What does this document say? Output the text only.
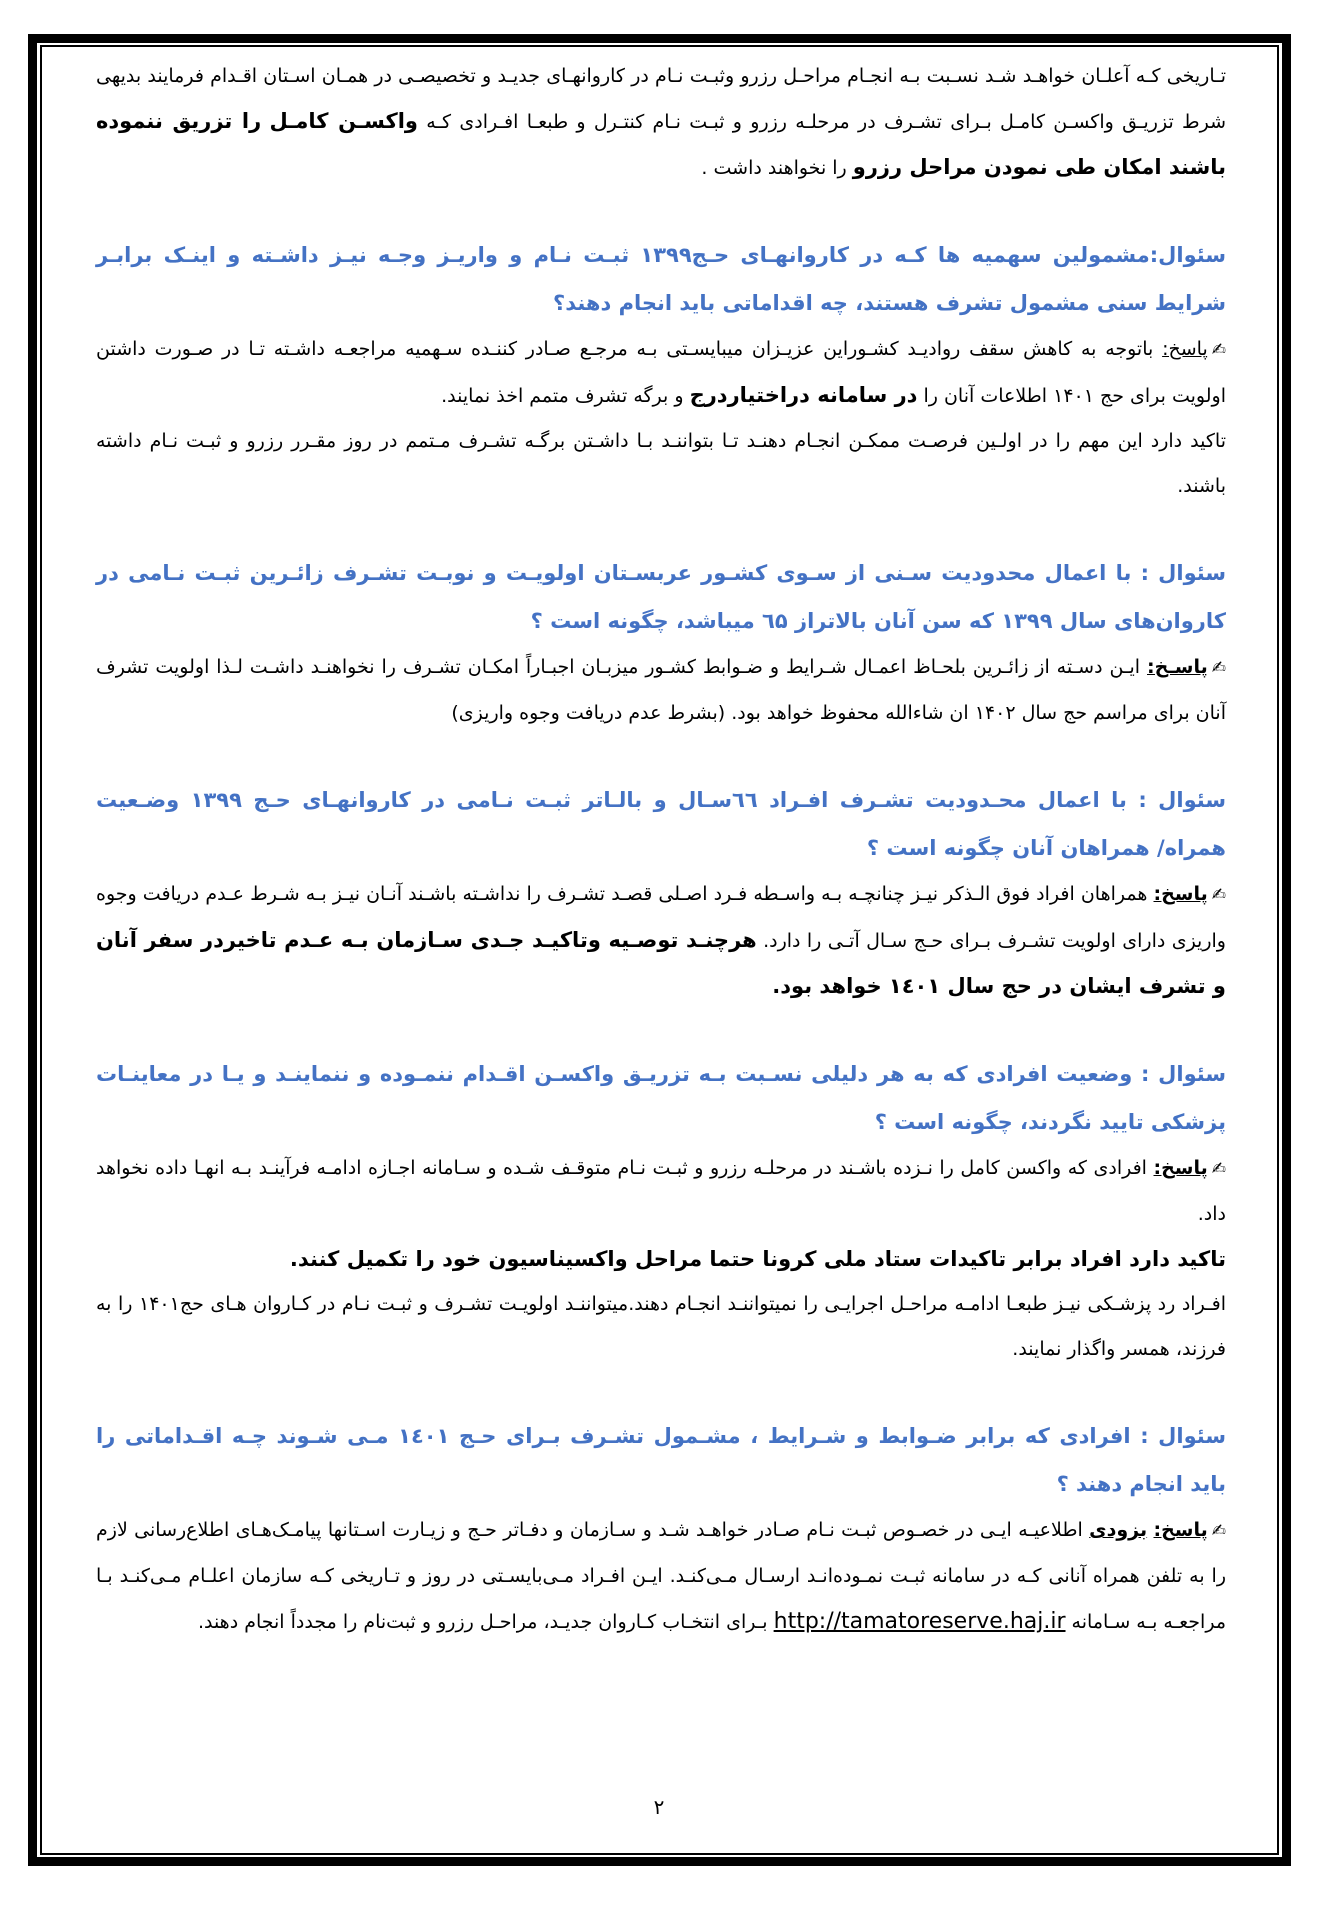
تـاریخی کـه آعلـان خواهـد شـد نسـبت بـه انجـام مراحـل رزرو وثبـت نـام در کاروانهـای جدیـد و تخصیصـی در همـان اسـتان اقـدام فرمایند بدیهی شرط تزریـق واکسـن کامـل بـرای تشـرف در مرحلـه رزرو و ثبـت نـام کنتـرل و طبعـا افـرادی کـه واکسـن کامـل را تزریق ننموده باشند امکان طی نمودن مراحل رزرو را نخواهند داشت .

سئوال:مشمولین سهمیه ها کـه در کاروانهـای حـج۱۳۹۹ ثبـت نـام و واریـز وجـه نیـز داشـته و اینـک برابـر شرایط سنی مشمول تشرف هستند، چه اقداماتی باید انجام دهند؟

✍پاسخ: باتوجه به کاهش سقف روادیـد کشـوراین عزیـزان میبایسـتی بـه مرجـع صـادر کننـده سـهمیه مراجعـه داشـته تـا در صـورت داشتن اولویت برای حج ۱۴۰۱ اطلاعات آنان را در سامانه دراختیاردرج و برگه تشرف متمم اخذ نمایند.

تاکید دارد این مهم را در اولـین فرصـت ممکـن انجـام دهنـد تـا بتواننـد بـا داشـتن برگـه تشـرف مـتمم در روز مقـرر رزرو و ثبـت نـام داشته باشند.

سئوال : با اعمال محدودیت سـنی از سـوی کشـور عربسـتان اولویـت و نوبـت تشـرف زائـرین ثبـت نـامی در کاروان‌های سال ۱۳۹۹ که سن آنان بالاتراز ٦۵ میباشد، چگونه است ؟

✍پاسـخ: ایـن دسـته از زائـرین بلحـاظ اعمـال شـرایط و ضـوابط کشـور میزبـان اجبـاراً امکـان تشـرف را نخواهنـد داشـت لـذا اولویت تشرف آنان برای مراسم حج سال ۱۴۰۲ ان شاءالله محفوظ خواهد بود. (بشرط عدم دریافت وجوه واریزی)

سئوال : با اعمال محـدودیت تشـرف افـراد ٦٦سـال و بالـاتر ثبـت نـامی در کاروانهـای حـج ۱۳۹۹ وضـعیت همراه/ همراهان آنان چگونه است ؟

✍پاسخ: همراهان افراد فوق الـذکر نیـز چنانچـه بـه واسـطه فـرد اصـلی قصـد تشـرف را نداشـته باشـند آنـان نیـز بـه شـرط عـدم دریافت وجوه واریزی دارای اولویت تشـرف بـرای حـج سـال آتـی را دارد. هرچنـد توصـیه وتاکیـد جـدی سـازمان بـه عـدم تاخیردر سفر آنان و تشرف ایشان در حج سال ۱٤۰۱ خواهد بود.

سئوال : وضعیت افرادی که به هر دلیلی نسـبت بـه تزریـق واکسـن اقـدام ننمـوده و ننماینـد و یـا در معاینـات پزشکی تایید نگردند، چگونه است ؟

✍پاسخ: افرادی که واکسن کامل را نـزده باشـند در مرحلـه رزرو و ثبـت نـام متوقـف شـده و سـامانه اجـازه ادامـه فرآینـد بـه انهـا داده نخواهد داد.

تاکید دارد افراد برابر تاکیدات ستاد ملی کرونا حتما مراحل واکسیناسیون خود را تکمیل کنند.

افـراد رد پزشـکی نیـز طبعـا ادامـه مراحـل اجرایـی را نمیتواننـد انجـام دهند.میتواننـد اولویـت تشـرف و ثبـت نـام در کـاروان هـای حج۱۴۰۱ را به فرزند، همسر واگذار نمایند.

سئوال : افرادی که برابر ضـوابط و شـرایط ، مشـمول تشـرف بـرای حـج ۱٤۰۱ مـی شـوند چـه اقـداماتی را باید انجام دهند ؟

✍پاسخ: بزودی اطلاعیـه ایـی در خصـوص ثبـت نـام صـادر خواهـد شـد و سـازمان و دفـاتر حـج و زیـارت اسـتانها پیامـک‌هـای اطلاع‌رسانی لازم را به تلفن همراه آنانی کـه در سامانه ثبـت نمـوده‌انـد ارسـال مـی‌کنـد. ایـن افـراد مـی‌بایسـتی در روز و تـاریخی کـه سازمان اعلـام مـی‌کنـد بـا مراجعـه بـه سـامانه http://tamatoreserve.haj.ir بـرای انتخـاب کـاروان جدیـد، مراحـل رزرو و ثبت‌نام را مجدداً انجام دهند.

٢
